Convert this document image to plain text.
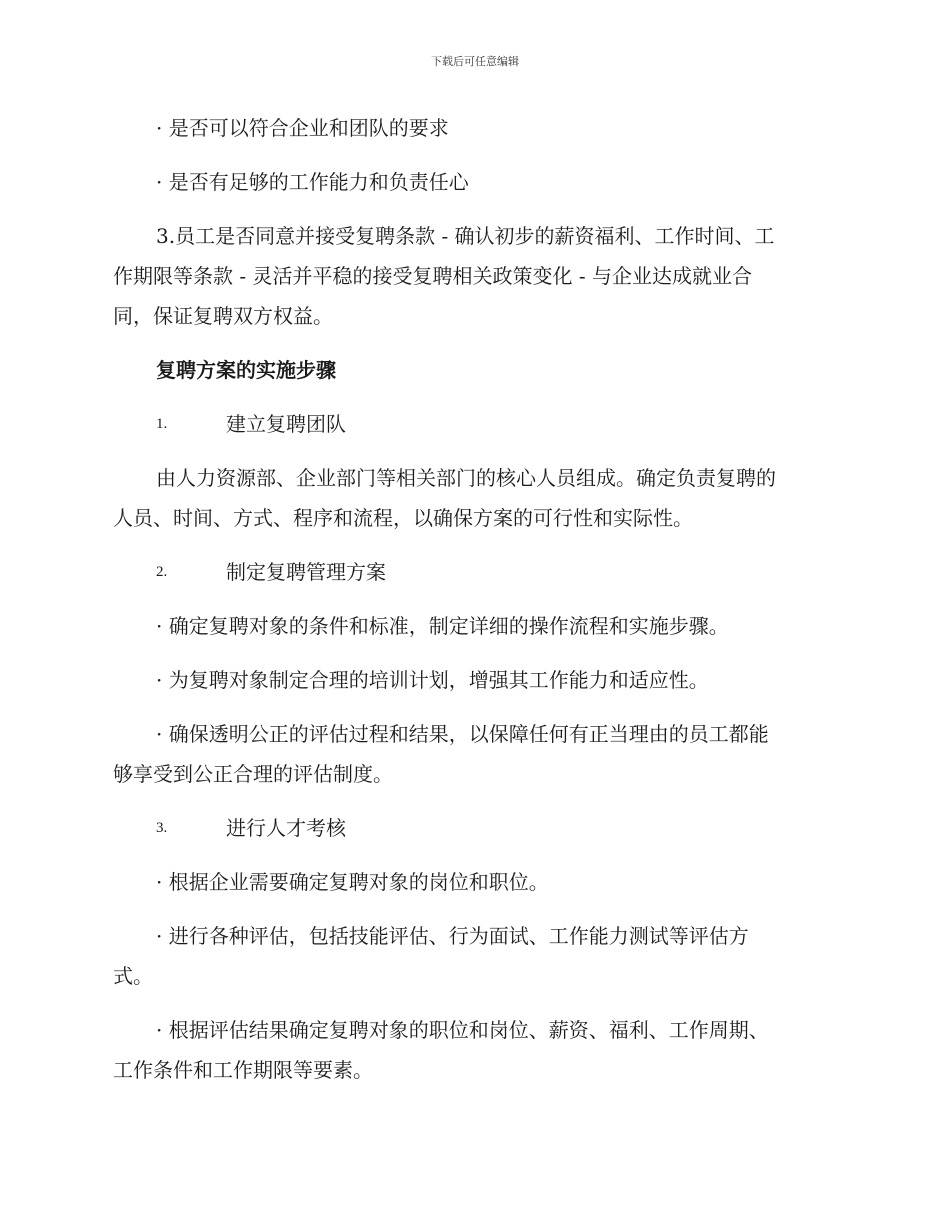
下载后可任意编辑
· 是否可以符合企业和团队的要求
· 是否有足够的工作能力和负责任心
3.员工是否同意并接受复聘条款 - 确认初步的薪资福利、工作时间、工
作期限等条款 - 灵活并平稳的接受复聘相关政策变化 - 与企业达成就业合
同，保证复聘双方权益。
复聘方案的实施步骤
1.	建立复聘团队
由人力资源部、企业部门等相关部门的核心人员组成。确定负责复聘的
人员、时间、方式、程序和流程，以确保方案的可行性和实际性。
2.	制定复聘管理方案
· 确定复聘对象的条件和标准，制定详细的操作流程和实施步骤。
· 为复聘对象制定合理的培训计划，增强其工作能力和适应性。
· 确保透明公正的评估过程和结果，以保障任何有正当理由的员工都能
够享受到公正合理的评估制度。
3.	进行人才考核
· 根据企业需要确定复聘对象的岗位和职位。
· 进行各种评估，包括技能评估、行为面试、工作能力测试等评估方
式。
· 根据评估结果确定复聘对象的职位和岗位、薪资、福利、工作周期、
工作条件和工作期限等要素。
